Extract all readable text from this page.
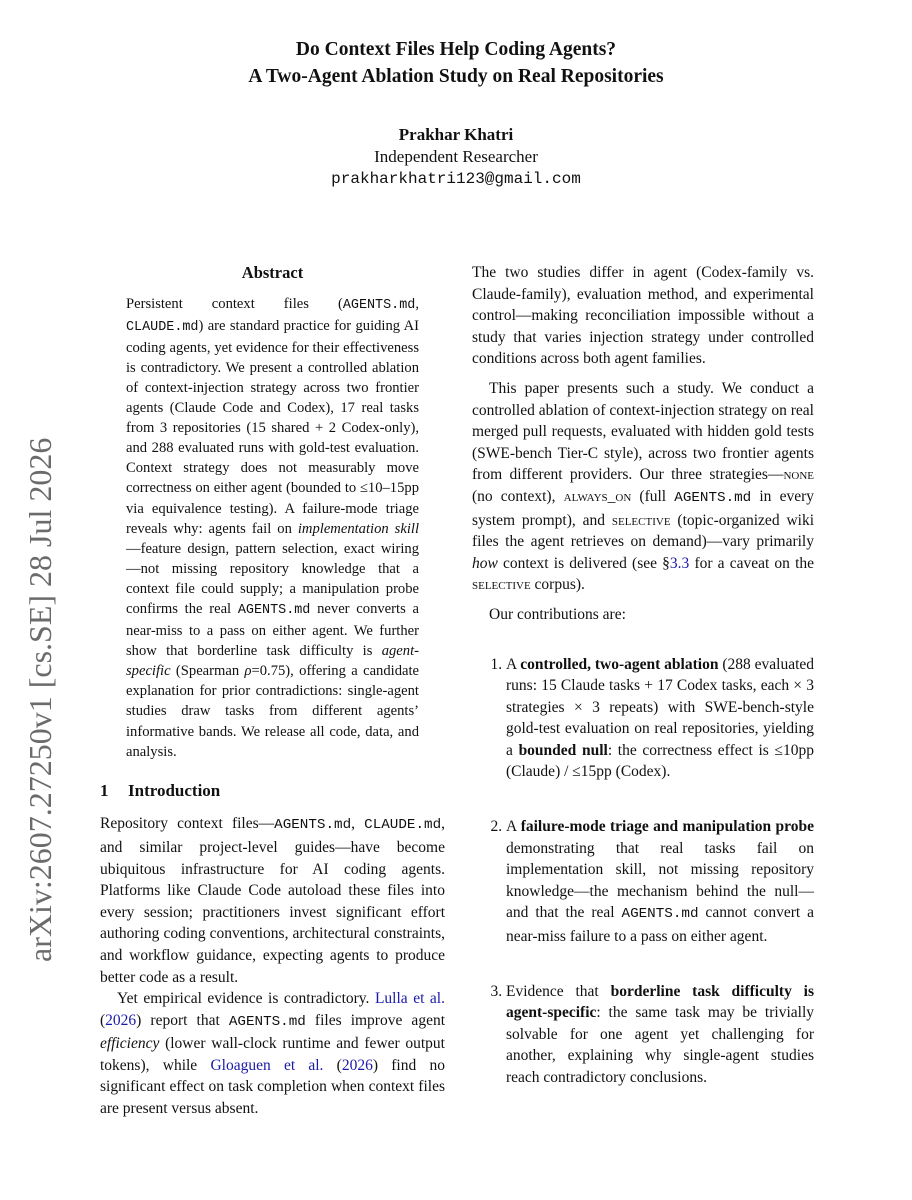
Do Context Files Help Coding Agents?
A Two-Agent Ablation Study on Real Repositories
Prakhar Khatri
Independent Researcher
prakharkhatri123@gmail.com
arXiv:2607.27250v1 [cs.SE] 28 Jul 2026
Abstract

Persistent context files (AGENTS.md, CLAUDE.md) are standard practice for guiding AI coding agents, yet evidence for their effectiveness is contradictory. We present a controlled ablation of context-injection strategy across two frontier agents (Claude Code and Codex), 17 real tasks from 3 repositories (15 shared + 2 Codex-only), and 288 evaluated runs with gold-test evaluation. Context strategy does not measurably move correctness on either agent (bounded to ≤10–15pp via equivalence testing). A failure-mode triage reveals why: agents fail on implementation skill—feature design, pattern selection, exact wiring—not missing repository knowledge that a context file could supply; a manipulation probe confirms the real AGENTS.md never converts a near-miss to a pass on either agent. We further show that borderline task difficulty is agent-specific (Spearman ρ=0.75), offering a candidate explanation for prior contradictions: single-agent studies draw tasks from different agents’ informative bands. We release all code, data, and analysis.

1 Introduction

Repository context files—AGENTS.md, CLAUDE.md, and similar project-level guides—have become ubiquitous infrastructure for AI coding agents. Platforms like Claude Code autoload these files into every session; practitioners invest significant effort authoring coding conventions, architectural constraints, and workflow guidance, expecting agents to produce better code as a result.

Yet empirical evidence is contradictory. Lulla et al. (2026) report that AGENTS.md files improve agent efficiency (lower wall-clock runtime and fewer output tokens), while Gloaguen et al. (2026) find no significant effect on task completion when context files are present versus absent.

The two studies differ in agent (Codex-family vs. Claude-family), evaluation method, and experimental control—making reconciliation impossible without a study that varies injection strategy under controlled conditions across both agent families.

This paper presents such a study. We conduct a controlled ablation of context-injection strategy on real merged pull requests, evaluated with hidden gold tests (SWE-bench Tier-C style), across two frontier agents from different providers. Our three strategies—none (no context), always_on (full AGENTS.md in every system prompt), and selective (topic-organized wiki files the agent retrieves on demand)—vary primarily how context is delivered (see §3.3 for a caveat on the selective corpus).

Our contributions are:

1. A controlled, two-agent ablation (288 evaluated runs: 15 Claude tasks + 17 Codex tasks, each × 3 strategies × 3 repeats) with SWE-bench-style gold-test evaluation on real repositories, yielding a bounded null: the correctness effect is ≤10pp (Claude) / ≤15pp (Codex).
2. A failure-mode triage and manipulation probe demonstrating that real tasks fail on implementation skill, not missing repository knowledge—the mechanism behind the null—and that the real AGENTS.md cannot convert a near-miss failure to a pass on either agent.
3. Evidence that borderline task difficulty is agent-specific: the same task may be trivially solvable for one agent yet challenging for another, explaining why single-agent studies reach contradictory conclusions.
